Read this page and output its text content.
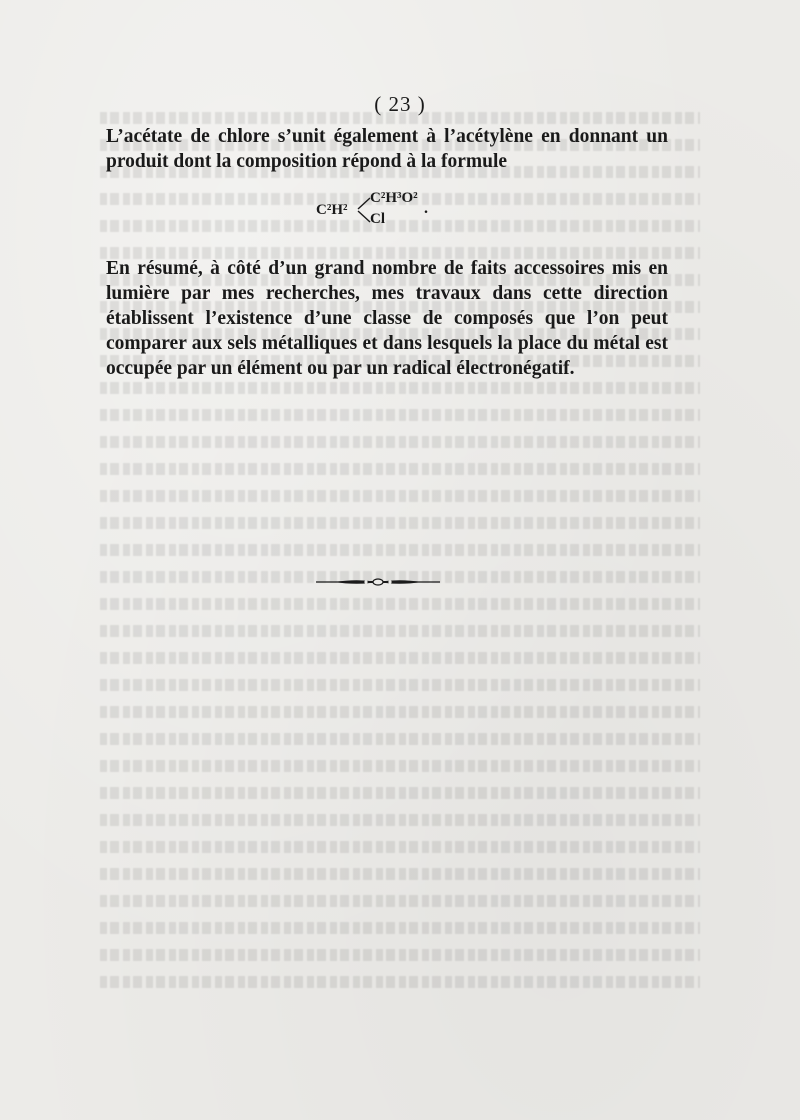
( 23 )
L’acétate de chlore s’unit également à l’acétylène en donnant un produit dont la composition répond à la formule
C²H²
C²H³O²
Cl
.
En résumé, à côté d’un grand nombre de faits accessoires mis en lumière par mes recherches, mes travaux dans cette direction établissent l’existence d’une classe de composés que l’on peut comparer aux sels métalliques et dans lesquels la place du métal est occupée par un élément ou par un radical électronégatif.
